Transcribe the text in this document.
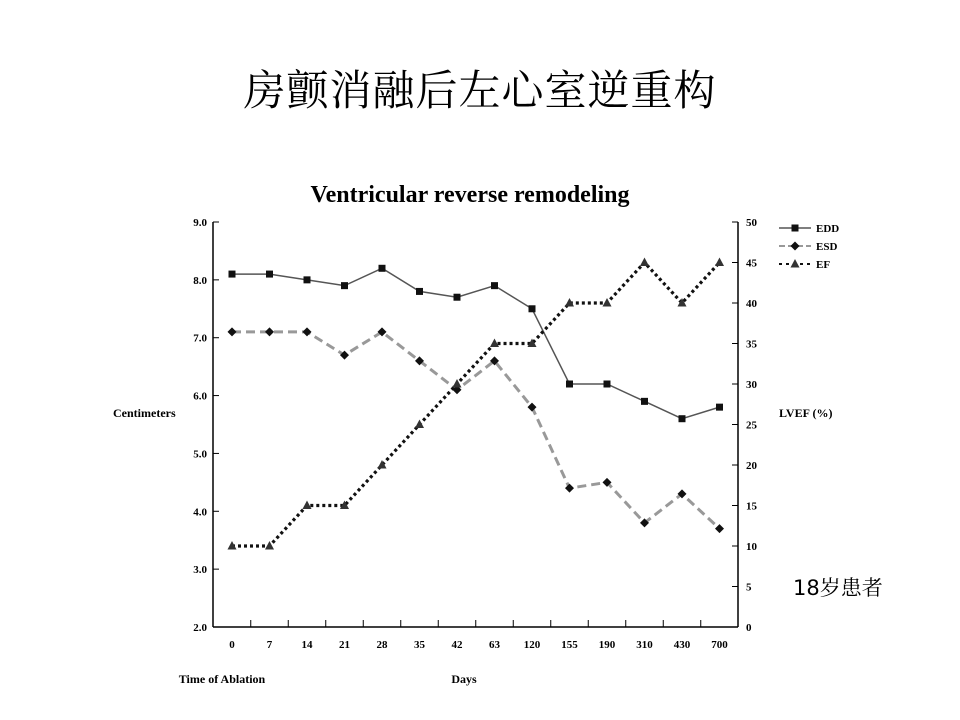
房颤消融后左心室逆重构
Ventricular reverse remodeling
2.0
3.0
4.0
5.0
6.0
7.0
8.0
9.0
0
5
10
15
20
25
30
35
40
45
50
0	7	14 21 28 35 42 63 120 155 190 310 430 700
EDD
ESD
EF
Centimeters	LVEF (%)
Days
Time of Ablation
18岁患者
